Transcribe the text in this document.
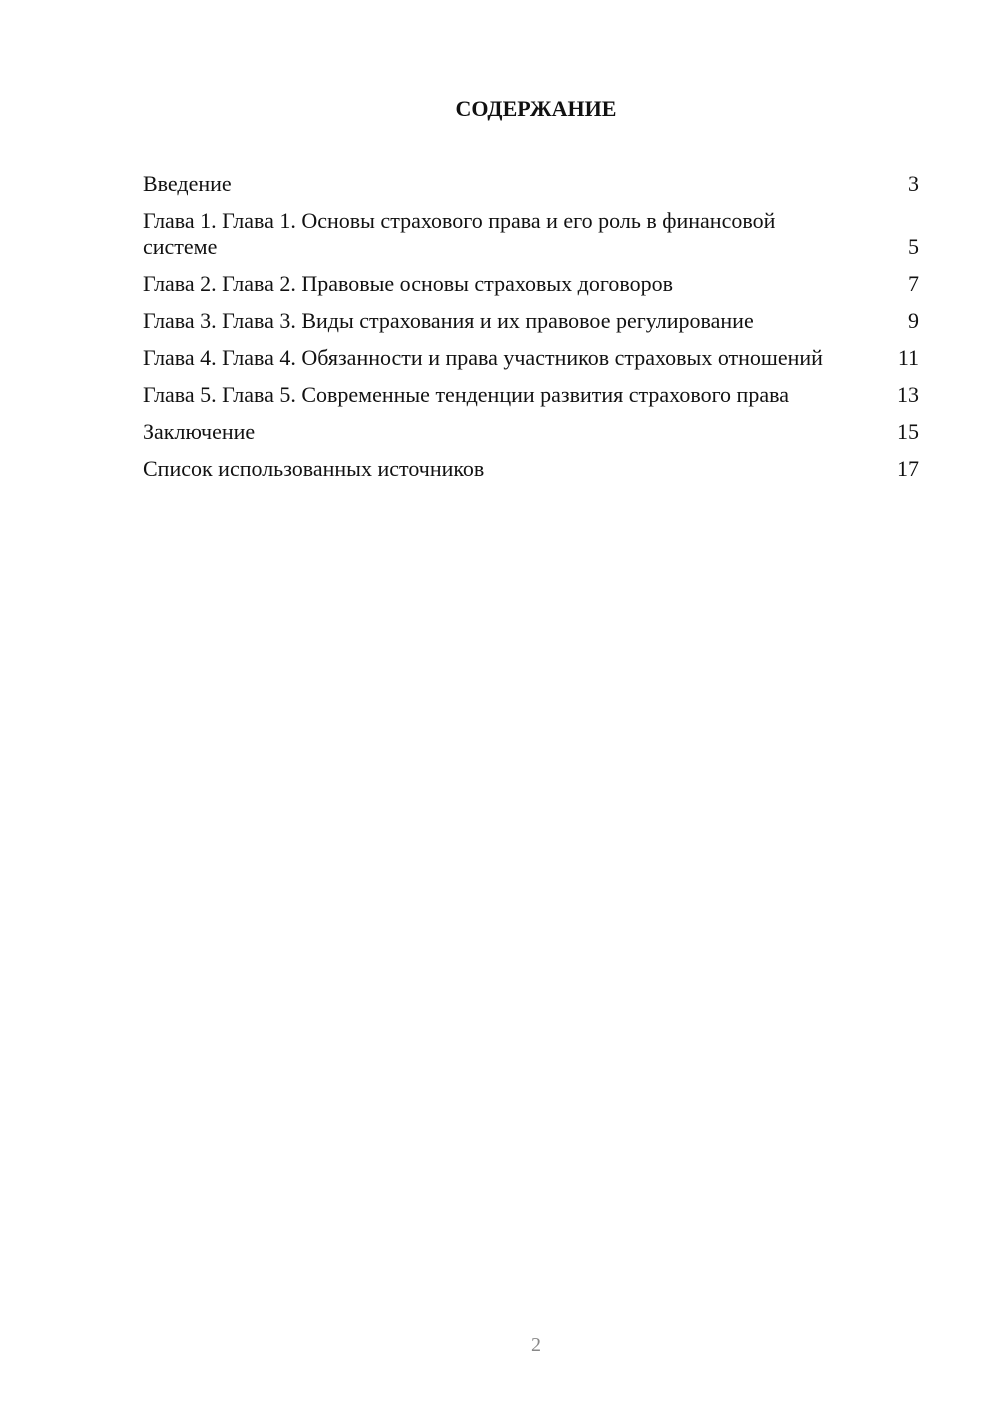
СОДЕРЖАНИЕ
Введение	3
Глава 1. Глава 1. Основы страхового права и его роль в финансовой системе	5
Глава 2. Глава 2. Правовые основы страховых договоров	7
Глава 3. Глава 3. Виды страхования и их правовое регулирование	9
Глава 4. Глава 4. Обязанности и права участников страховых отношений	11
Глава 5. Глава 5. Современные тенденции развития страхового права	13
Заключение	15
Список использованных источников	17
2
